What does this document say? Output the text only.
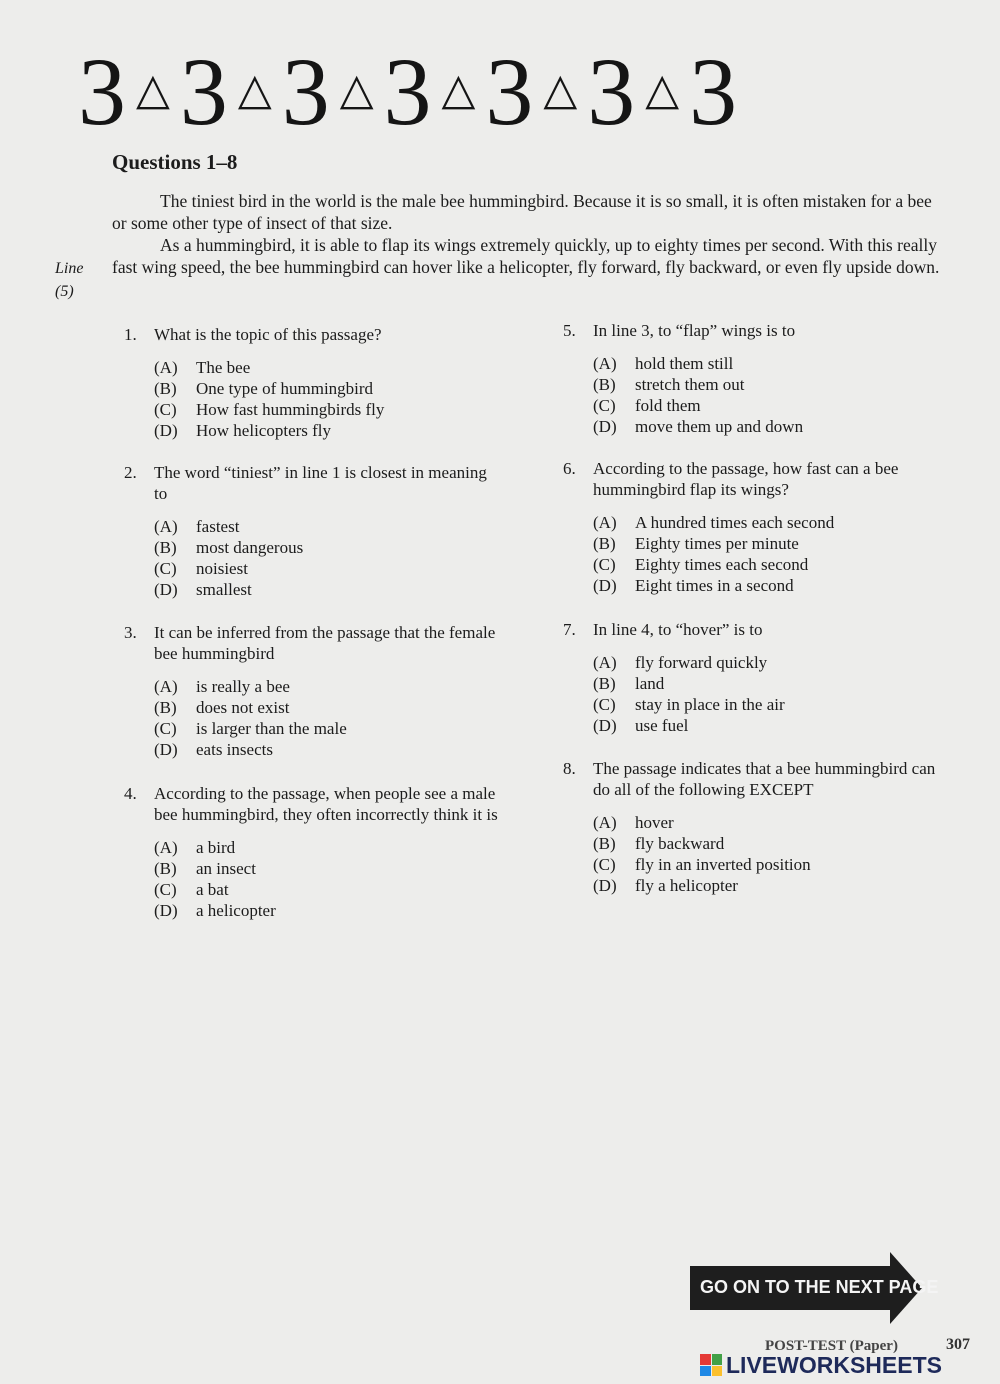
3 △3 △3 △3 △3 △3 △3
Questions 1–8

The tiniest bird in the world is the male bee hummingbird. Because it is so small, it is often mistaken for a bee or some other type of insect of that size.

As a hummingbird, it is able to flap its wings extremely quickly, up to eighty times per second. With this really fast wing speed, the bee hummingbird can hover like a helicopter, fly forward, fly backward, or even fly upside down.

Line
(5)
1.	What is the topic of this passage?
(A)	The bee
(B)	One type of hummingbird
(C)	How fast hummingbirds fly
(D)	How helicopters fly
2.	The word “tiniest” in line 1 is closest in meaning to
(A)	fastest
(B)	most dangerous
(C)	noisiest
(D)	smallest
3.	It can be inferred from the passage that the female bee hummingbird
(A)	is really a bee
(B)	does not exist
(C)	is larger than the male
(D)	eats insects
4.	According to the passage, when people see a male bee hummingbird, they often incorrectly think it is
(A)	a bird
(B)	an insect
(C)	a bat
(D)	a helicopter
5.	In line 3, to “flap” wings is to
(A)	hold them still
(B)	stretch them out
(C)	fold them
(D)	move them up and down
6.	According to the passage, how fast can a bee hummingbird flap its wings?
(A)	A hundred times each second
(B)	Eighty times per minute
(C)	Eighty times each second
(D)	Eight times in a second
7.	In line 4, to “hover” is to
(A)	fly forward quickly
(B)	land
(C)	stay in place in the air
(D)	use fuel
8.	The passage indicates that a bee hummingbird can do all of the following EXCEPT
(A)	hover
(B)	fly backward
(C)	fly in an inverted position
(D)	fly a helicopter
GO ON TO THE NEXT PAGE
POST-TEST (Paper)	307
LIVEWORKSHEETS
